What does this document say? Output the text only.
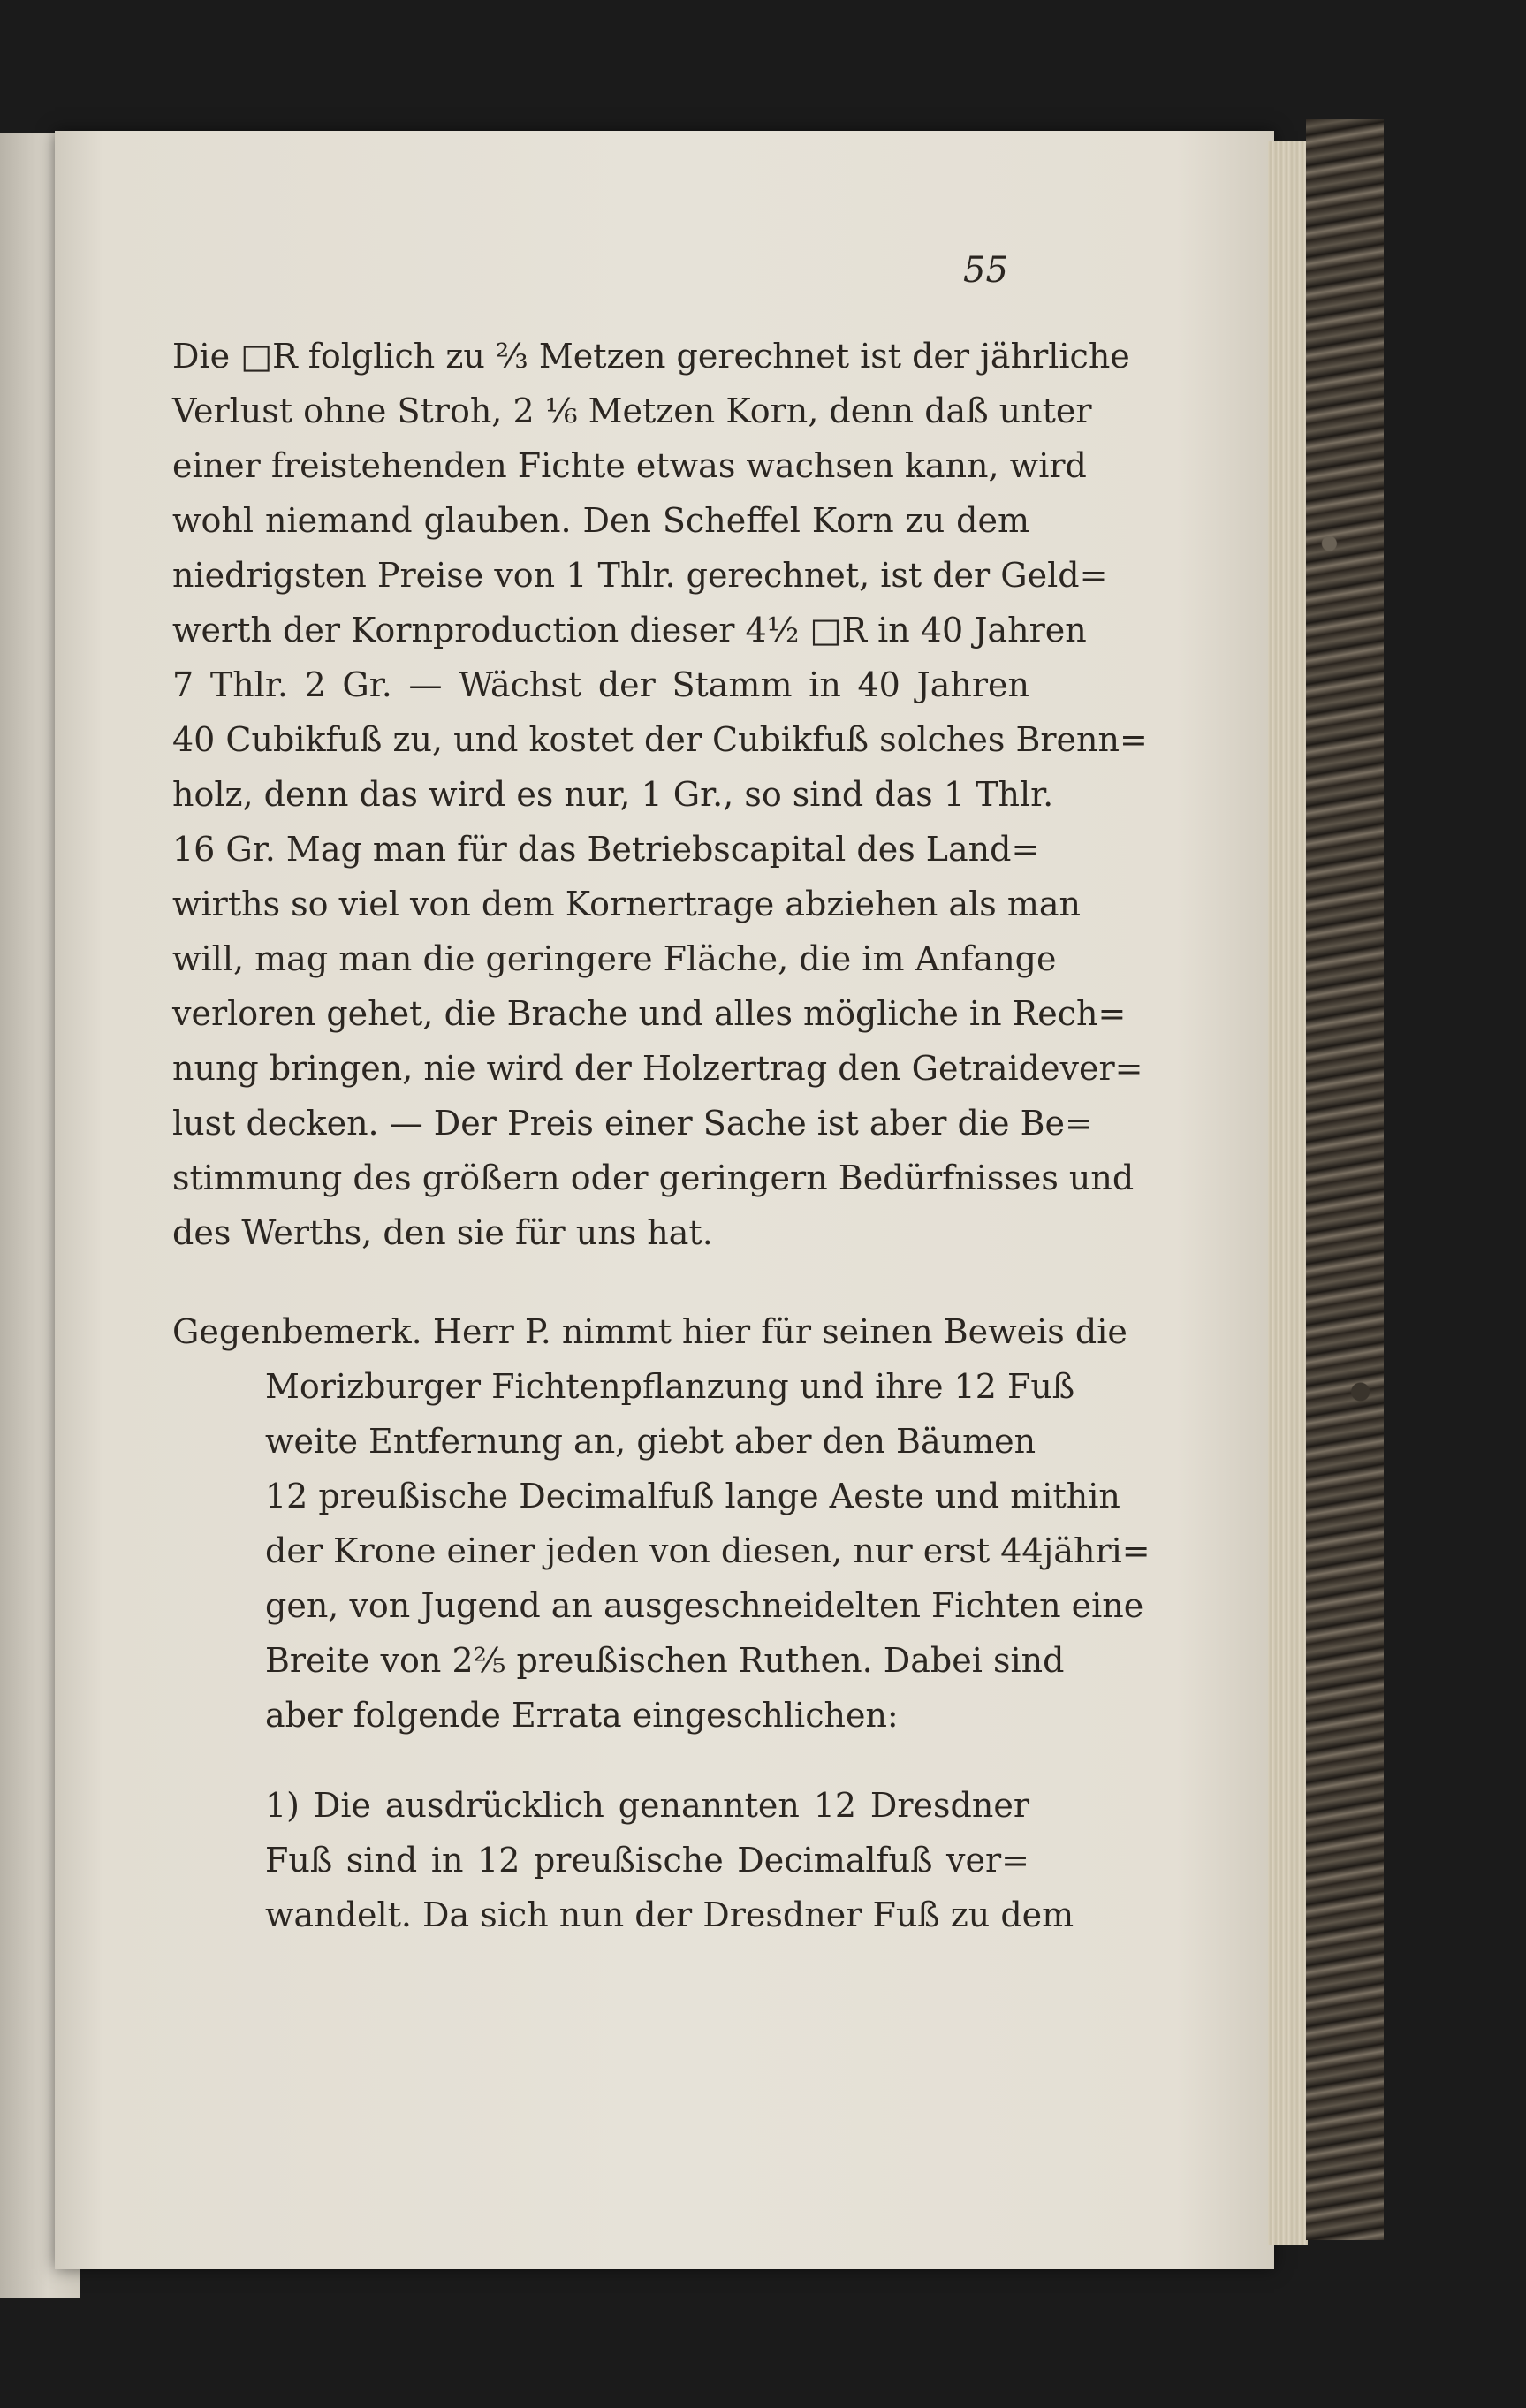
55
Die □R folglich zu ⅔ Metzen gerechnet ist der jährliche
Verlust ohne Stroh, 2 ⅙ Metzen Korn, denn daß unter
einer freistehenden Fichte etwas wachsen kann, wird
wohl niemand glauben. Den Scheffel Korn zu dem
niedrigsten Preise von 1 Thlr. gerechnet, ist der Geld=
werth der Kornproduction dieser 4½ □R in 40 Jahren
7 Thlr. 2 Gr. — Wächst der Stamm in 40 Jahren
40 Cubikfuß zu, und kostet der Cubikfuß solches Brenn=
holz, denn das wird es nur, 1 Gr., so sind das 1 Thlr.
16 Gr. Mag man für das Betriebscapital des Land=
wirths so viel von dem Kornertrage abziehen als man
will, mag man die geringere Fläche, die im Anfange
verloren gehet, die Brache und alles mögliche in Rech=
nung bringen, nie wird der Holzertrag den Getraidever=
lust decken. — Der Preis einer Sache ist aber die Be=
stimmung des größern oder geringern Bedürfnisses und
des Werths, den sie für uns hat.
Gegenbemerk. Herr P. nimmt hier für seinen Beweis die
Morizburger Fichtenpflanzung und ihre 12 Fuß
weite Entfernung an, giebt aber den Bäumen
12 preußische Decimalfuß lange Aeste und mithin
der Krone einer jeden von diesen, nur erst 44jähri=
gen, von Jugend an ausgeschneidelten Fichten eine
Breite von 2⅖ preußischen Ruthen. Dabei sind
aber folgende Errata eingeschlichen:
1) Die ausdrücklich genannten 12 Dresdner
Fuß sind in 12 preußische Decimalfuß ver=
wandelt. Da sich nun der Dresdner Fuß zu dem
